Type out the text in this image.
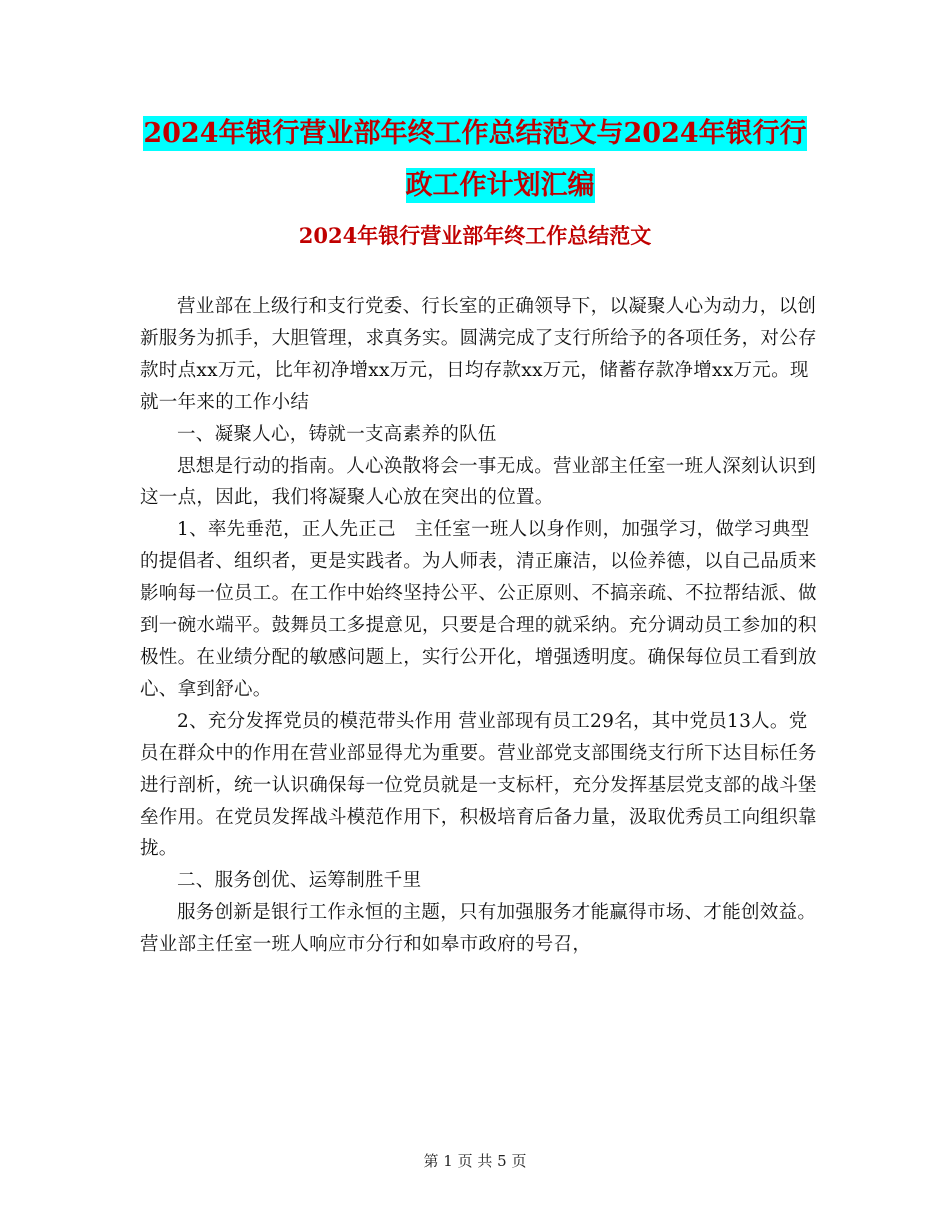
2024年银行营业部年终工作总结范文与2024年银行行
政工作计划汇编
2024年银行营业部年终工作总结范文

营业部在上级行和支行党委、行长室的正确领导下，以凝聚人心为动力，以创新服务为抓手，大胆管理，求真务实。圆满完成了支行所给予的各项任务，对公存款时点xx万元，比年初净增xx万元，日均存款xx万元，储蓄存款净增xx万元。现就一年来的工作小结

一、凝聚人心，铸就一支高素养的队伍

思想是行动的指南。人心涣散将会一事无成。营业部主任室一班人深刻认识到这一点，因此，我们将凝聚人心放在突出的位置。

1、率先垂范，正人先正己　主任室一班人以身作则，加强学习，做学习典型的提倡者、组织者，更是实践者。为人师表，清正廉洁，以俭养德，以自己品质来影响每一位员工。在工作中始终坚持公平、公正原则、不搞亲疏、不拉帮结派、做到一碗水端平。鼓舞员工多提意见，只要是合理的就采纳。充分调动员工参加的积极性。在业绩分配的敏感问题上，实行公开化，增强透明度。确保每位员工看到放心、拿到舒心。

2、充分发挥党员的模范带头作用 营业部现有员工29名，其中党员13人。党员在群众中的作用在营业部显得尤为重要。营业部党支部围绕支行所下达目标任务进行剖析，统一认识确保每一位党员就是一支标杆，充分发挥基层党支部的战斗堡垒作用。在党员发挥战斗模范作用下，积极培育后备力量，汲取优秀员工向组织靠拢。

二、服务创优、运筹制胜千里

服务创新是银行工作永恒的主题，只有加强服务才能赢得市场、才能创效益。营业部主任室一班人响应市分行和如皋市政府的号召，

第 1 页 共 5 页
